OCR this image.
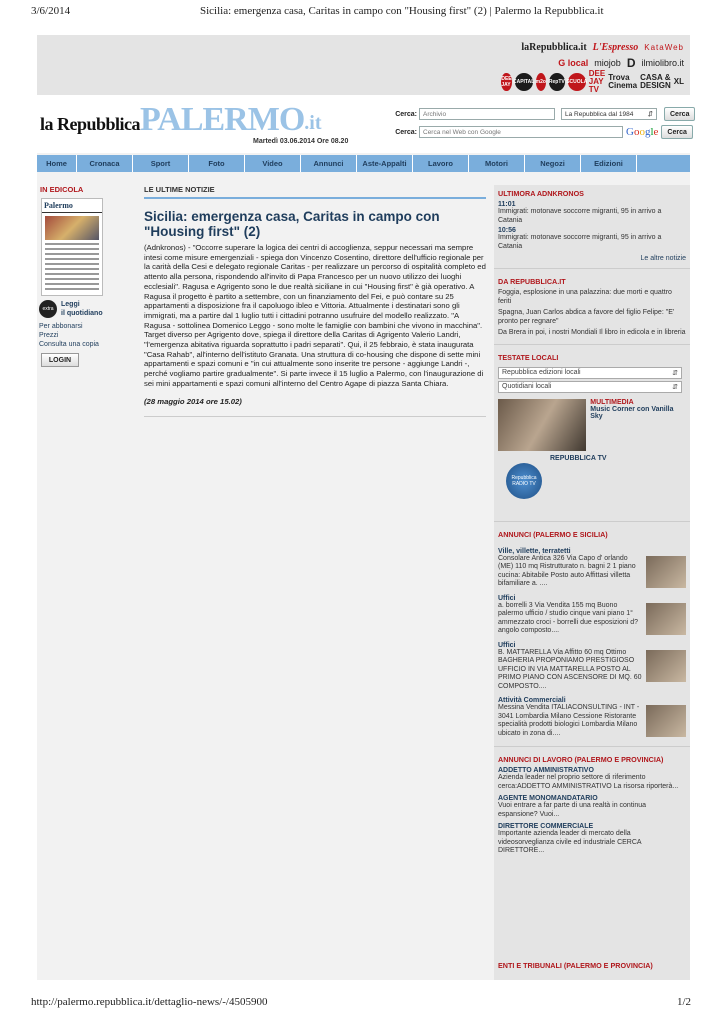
3/6/2014	Sicilia: emergenza casa, Caritas in campo con "Housing first" (2) | Palermo la Repubblica.it
laRepubblica.it L'Espresso KataWeb
G local miojob D ilmiolibro.it
DEE JAY CAPITAL m2o RepTV SCUOLA
DEE JAY TV
Trova Cinema
CASA & DESIGN XL
la Repubblica PALERMO .it
Martedì 03.06.2014 Ore 08.20
Cerca: Archivio	La Repubblica dal 1984 ⇵	Cerca
Cerca: Cerca nel Web con Google	Google	Cerca
Home	Cronaca	Sport	Foto	Video	Annunci	Aste-Appalti	Lavoro	Motori	Negozi	Edizioni
IN EDICOLA
Palermo
extra
Leggi
il quotidiano
Per abbonarsi
Prezzi
Consulta una copia
LOGIN
LE ULTIME NOTIZIE
Sicilia: emergenza casa, Caritas in campo con "Housing first" (2)
(Adnkronos) - "Occorre superare la logica dei centri di accoglienza, seppur necessari ma sempre intesi come misure emergenziali - spiega don Vincenzo Cosentino, direttore dell'ufficio regionale per la carità della Cesi e delegato regionale Caritas - per realizzare un percorso di ospitalità completo ed attento alla persona, rispondendo all'invito di Papa Francesco per un nuovo utilizzo dei luoghi ecclesiali". Ragusa e Agrigento sono le due realtà siciliane in cui "Housing first" è già operativo. A Ragusa il progetto è partito a settembre, con un finanziamento del Fei, e può contare su 25 appartamenti a disposizione fra il capoluogo ibleo e Vittoria. Attualmente i destinatari sono gli immigrati, ma a partire dal 1 luglio tutti i cittadini potranno usufruire del modello realizzato. "A Ragusa - sottolinea Domenico Leggo - sono molte le famiglie con bambini che vivono in macchina". Target diverso per Agrigento dove, spiega il direttore della Caritas di Agrigento Valerio Landri, "l'emergenza abitativa riguarda soprattutto i padri separati". Qui, il 25 febbraio, è stata inaugurata "Casa Rahab", all'interno dell'istituto Granata. Una struttura di co-housing che dispone di sette mini appartamenti e spazi comuni e "in cui attualmente sono inserite tre persone - aggiunge Landri -, perché vogliamo partire gradualmente". Si parte invece il 15 luglio a Palermo, con l'inaugurazione di sei mini appartamenti e spazi comuni all'interno del Centro Agape di piazza Santa Chiara.
(28 maggio 2014 ore 15.02)
ULTIMORA ADNKRONOS
11:01
Immigrati: motonave soccorre migranti, 95 in arrivo a Catania
10:56
Immigrati: motonave soccorre migranti, 95 in arrivo a Catania
Le altre notizie
DA REPUBBLICA.IT
Foggia, esplosione in una palazzina: due morti e quattro feriti
Spagna, Juan Carlos abdica a favore del figlio Felipe: "E' pronto per regnare"
Da Brera in poi, i nostri Mondiali Il libro in edicola e in libreria
TESTATE LOCALI
Repubblica edizioni locali	⇵
Quotidiani locali	⇵
MULTIMEDIA
Music Corner con Vanilla Sky
Repubblica RADIO TV
REPUBBLICA TV
ANNUNCI (PALERMO E SICILIA)
Ville, villette, terratetti
Consolare Antica 326 Via Capo d' orlando (ME) 110 mq Ristrutturato n. bagni 2 1 piano cucina: Abitabile Posto auto Affittasi villetta bifamiliare a. ....
Uffici
a. borrelli 3 Via Vendita 155 mq Buono palermo ufficio / studio cinque vani piano 1° ammezzato croci - borrelli due esposizioni d? angolo composto....
Uffici
B. MATTARELLA Via Affitto 60 mq Ottimo BAGHERIA PROPONIAMO PRESTIGIOSO UFFICIO IN VIA MATTARELLA POSTO AL PRIMO PIANO CON ASCENSORE DI MQ. 60 COMPOSTO....
Attività Commerciali
Messina Vendita ITALIACONSULTING - INT - 3041 Lombardia Milano Cessione Ristorante specialità prodotti biologici Lombardia Milano ubicato in zona di....
ANNUNCI DI LAVORO (PALERMO E PROVINCIA)
ADDETTO AMMINISTRATIVO
Azienda leader nel proprio settore di riferimento cerca:ADDETTO AMMINISTRATIVO La risorsa riporterà...
AGENTE MONOMANDATARIO
Vuoi entrare a far parte di una realtà in continua espansione? Vuoi...
DIRETTORE COMMERCIALE
Importante azienda leader di mercato della videosorveglianza civile ed industriale CERCA DIRETTORE...
ENTI E TRIBUNALI (PALERMO E PROVINCIA)
http://palermo.repubblica.it/dettaglio-news/-/4505900	1/2
